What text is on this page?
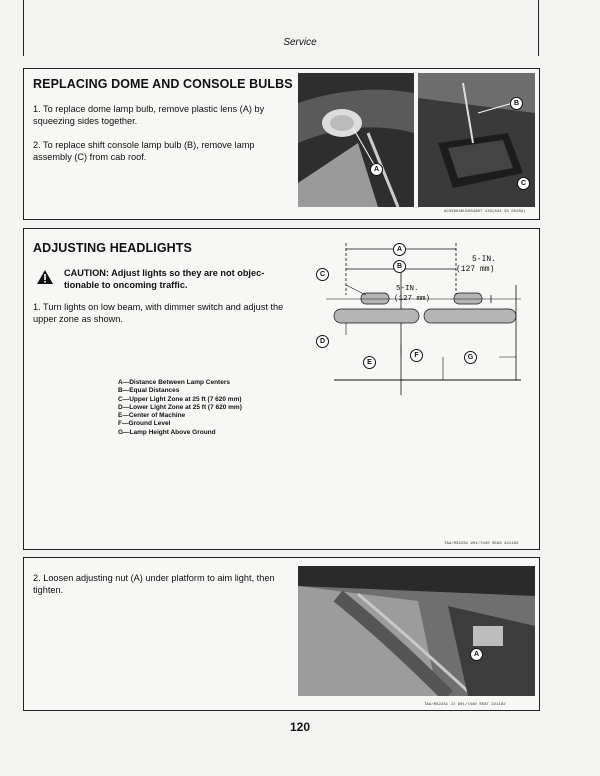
Service
REPLACING DOME AND CONSOLE BULBS

1. To replace dome lamp bulb, remove plastic lens (A) by squeezing sides together.

2. To replace shift console lamp bulb (B), remove lamp assembly (C) from cab roof.

A
B
C
ACUX9946U1D04807 13S(834 33 09189)
ADJUSTING HEADLIGHTS

CAUTION: Adjust lights so they are not objec-

tionable to oncoming traffic.

1. Turn lights on low beam, with dimmer switch and adjust the upper zone as shown.

A
B
C
D
E
F	G
5-IN.
(127 mm)
5-IN.
(127 mm)
TAA/RS2231 901/7440 SEAS 221182
A—Distance Between Lamp Centers
B—Equal Distances
C—Upper Light Zone at 25 ft (7 620 mm)
D—Lower Light Zone at 25 ft (7 620 mm)
E—Center of Machine
F—Ground Level
G—Lamp Height Above Ground

2. Loosen adjusting nut (A) under platform to aim light, then tighten.

A
TAA/RS2231 JJ 901/7440 SEAT 221182
120
